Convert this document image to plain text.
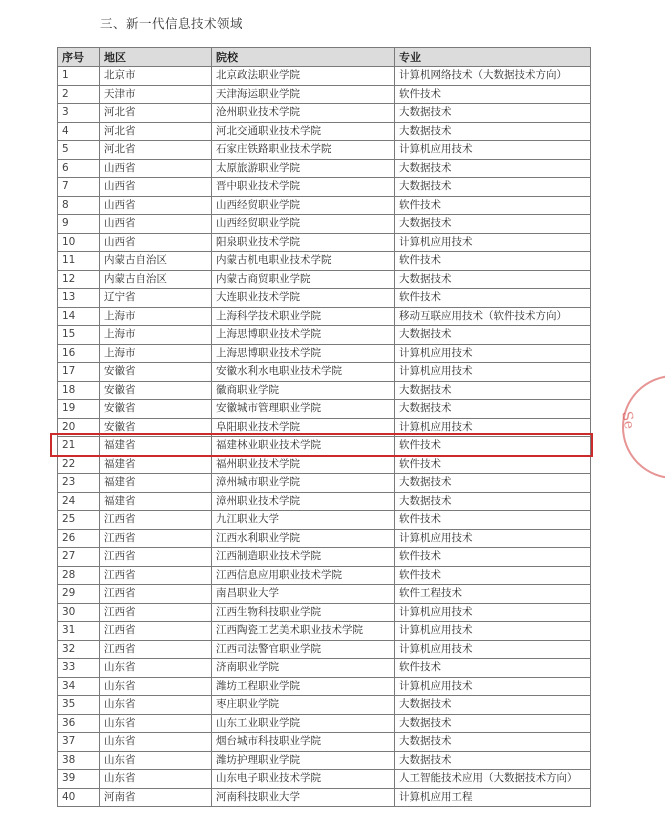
三、新一代信息技术领域
序号	地区	院校	专业
1	北京市	北京政法职业学院	计算机网络技术（大数据技术方向）
2	天津市	天津海运职业学院	软件技术
3	河北省	沧州职业技术学院	大数据技术
4	河北省	河北交通职业技术学院	大数据技术
5	河北省	石家庄铁路职业技术学院	计算机应用技术
6	山西省	太原旅游职业学院	大数据技术
7	山西省	晋中职业技术学院	大数据技术
8	山西省	山西经贸职业学院	软件技术
9	山西省	山西经贸职业学院	大数据技术
10	山西省	阳泉职业技术学院	计算机应用技术
11	内蒙古自治区	内蒙古机电职业技术学院	软件技术
12	内蒙古自治区	内蒙古商贸职业学院	大数据技术
13	辽宁省	大连职业技术学院	软件技术
14	上海市	上海科学技术职业学院	移动互联应用技术（软件技术方向）
15	上海市	上海思博职业技术学院	大数据技术
16	上海市	上海思博职业技术学院	计算机应用技术
17	安徽省	安徽水利水电职业技术学院	计算机应用技术
18	安徽省	徽商职业学院	大数据技术
19	安徽省	安徽城市管理职业学院	大数据技术
20	安徽省	阜阳职业技术学院	计算机应用技术
21	福建省	福建林业职业技术学院	软件技术
22	福建省	福州职业技术学院	软件技术
23	福建省	漳州城市职业学院	大数据技术
24	福建省	漳州职业技术学院	大数据技术
25	江西省	九江职业大学	软件技术
26	江西省	江西水利职业学院	计算机应用技术
27	江西省	江西制造职业技术学院	软件技术
28	江西省	江西信息应用职业技术学院	软件技术
29	江西省	南昌职业大学	软件工程技术
30	江西省	江西生物科技职业学院	计算机应用技术
31	江西省	江西陶瓷工艺美术职业技术学院	计算机应用技术
32	江西省	江西司法警官职业学院	计算机应用技术
33	山东省	济南职业学院	软件技术
34	山东省	潍坊工程职业学院	计算机应用技术
35	山东省	枣庄职业学院	大数据技术
36	山东省	山东工业职业学院	大数据技术
37	山东省	烟台城市科技职业学院	大数据技术
38	山东省	潍坊护理职业学院	大数据技术
39	山东省	山东电子职业技术学院	人工智能技术应用（大数据技术方向）
40	河南省	河南科技职业大学	计算机应用工程
Se
